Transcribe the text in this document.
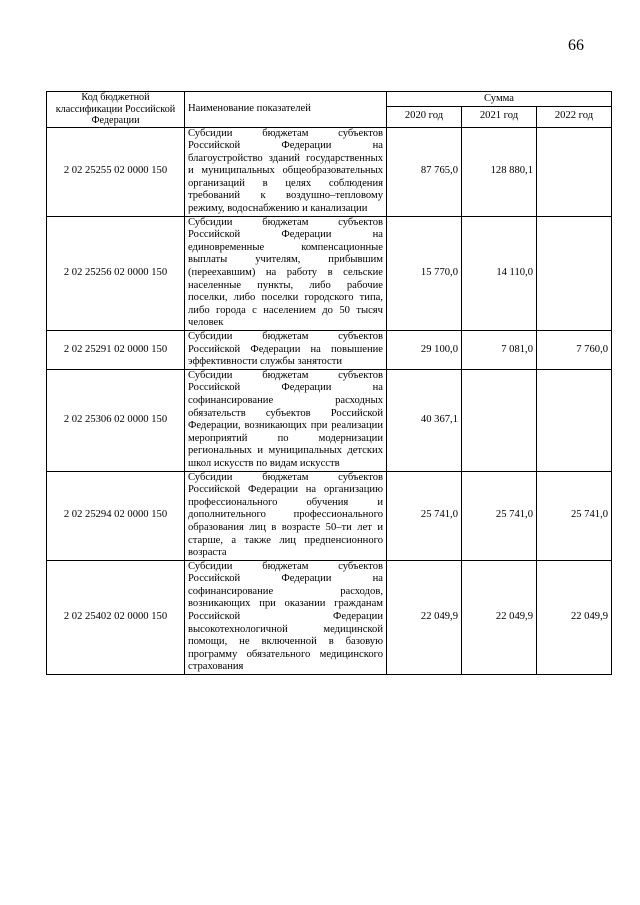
66
Код бюджетной классификации Российской Федерации	Наименование показателей	Сумма		
		2020 год	2021 год	2022 год
2 02 25255 02 0000 150	Субсидии бюджетам субъектов Российской Федерации на благоустройство зданий государственных и муниципальных общеобразовательных организаций в целях соблюдения требований к воздушно–тепловому режиму, водоснабжению и канализации	87 765,0	128 880,1	
2 02 25256 02 0000 150	Субсидии бюджетам субъектов Российской Федерации на единовременные компенсационные выплаты учителям, прибывшим (переехавшим) на работу в сельские населенные пункты, либо рабочие поселки, либо поселки городского типа, либо города с населением до 50 тысяч человек	15 770,0	14 110,0	
2 02 25291 02 0000 150	Субсидии бюджетам субъектов Российской Федерации на повышение эффективности службы занятости	29 100,0	7 081,0	7 760,0
2 02 25306 02 0000 150	Субсидии бюджетам субъектов Российской Федерации на софинансирование расходных обязательств субъектов Российской Федерации, возникающих при реализации мероприятий по модернизации региональных и муниципальных детских школ искусств по видам искусств	40 367,1		
2 02 25294 02 0000 150	Субсидии бюджетам субъектов Российской Федерации на организацию профессионального обучения и дополнительного профессионального образования лиц в возрасте 50–ти лет и старше, а также лиц предпенсионного возраста	25 741,0	25 741,0	25 741,0
2 02 25402 02 0000 150	Субсидии бюджетам субъектов Российской Федерации на софинансирование расходов, возникающих при оказании гражданам Российской Федерации высокотехнологичной медицинской помощи, не включенной в базовую программу обязательного медицинского страхования	22 049,9	22 049,9	22 049,9
